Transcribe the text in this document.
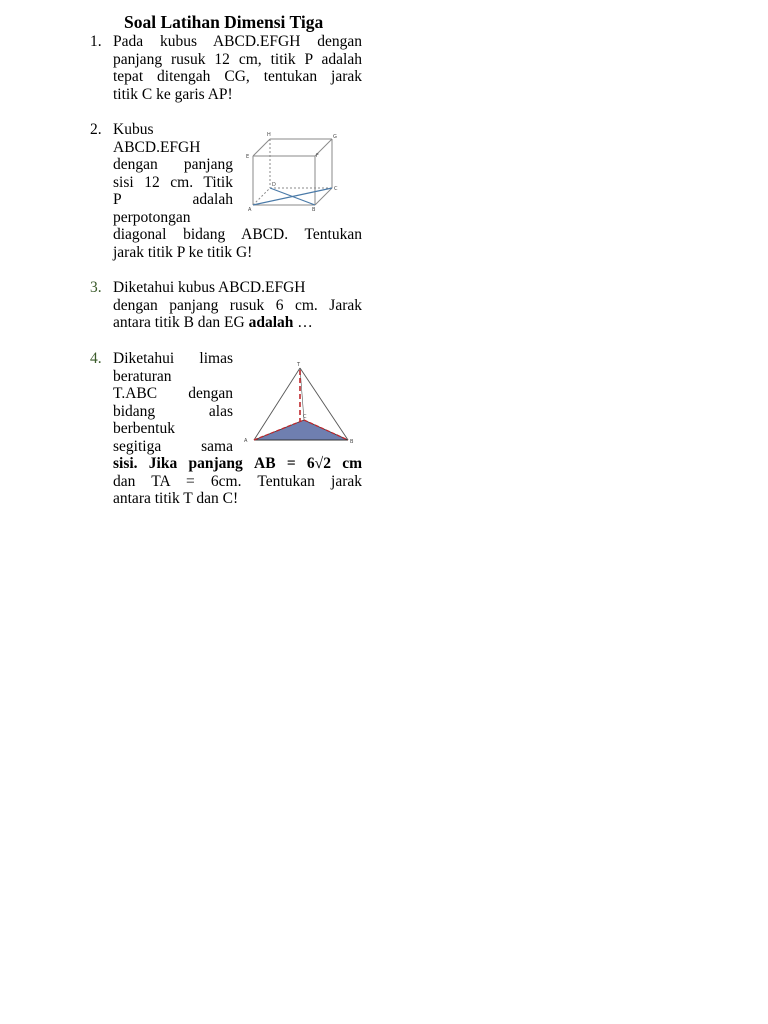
Soal Latihan Dimensi Tiga
1. Pada kubus ABCD.EFGH dengan
panjang rusuk 12 cm, titik P adalah
tepat ditengah CG, tentukan jarak
titik C ke garis AP!
2. Kubus
ABCD.EFGH
dengan panjang
sisi 12 cm. Titik
P adalah
perpotongan
diagonal bidang ABCD. Tentukan
jarak titik P ke titik G!
H	G
E	F
D
C
A	B
3. Diketahui kubus ABCD.EFGH
dengan panjang rusuk 6 cm. Jarak
antara titik B dan EG adalah …
4. Diketahui limas
beraturan
T.ABC dengan
bidang alas
berbentuk
segitiga sama
sisi. Jika panjang AB = 6√2 cm
dan TA = 6cm. Tentukan jarak
antara titik T dan C!
T
A	B
C
